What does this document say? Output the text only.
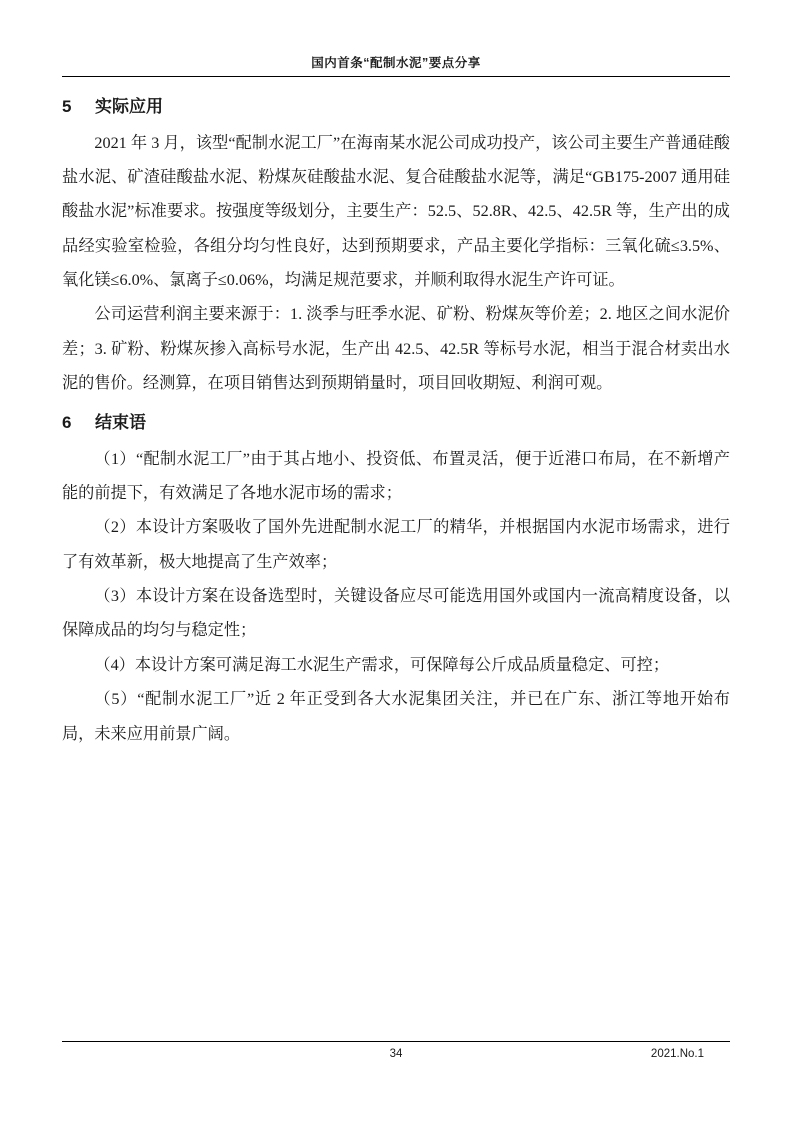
国内首条“配制水泥”要点分享
5 实际应用

2021 年 3 月，该型“配制水泥工厂”在海南某水泥公司成功投产，该公司主要生产普通硅酸盐水泥、矿渣硅酸盐水泥、粉煤灰硅酸盐水泥、复合硅酸盐水泥等，满足“GB175-2007 通用硅酸盐水泥”标准要求。按强度等级划分，主要生产：52.5、52.8R、42.5、42.5R 等，生产出的成品经实验室检验，各组分均匀性良好，达到预期要求，产品主要化学指标：三氧化硫≤3.5%、氧化镁≤6.0%、氯离子≤0.06%，均满足规范要求，并顺利取得水泥生产许可证。

公司运营利润主要来源于：1. 淡季与旺季水泥、矿粉、粉煤灰等价差；2. 地区之间水泥价差；3. 矿粉、粉煤灰掺入高标号水泥，生产出 42.5、42.5R 等标号水泥，相当于混合材卖出水泥的售价。经测算，在项目销售达到预期销量时，项目回收期短、利润可观。

6 结束语

（1）“配制水泥工厂”由于其占地小、投资低、布置灵活，便于近港口布局，在不新增产能的前提下，有效满足了各地水泥市场的需求；

（2）本设计方案吸收了国外先进配制水泥工厂的精华，并根据国内水泥市场需求，进行了有效革新，极大地提高了生产效率；

（3）本设计方案在设备选型时，关键设备应尽可能选用国外或国内一流高精度设备，以保障成品的均匀与稳定性；

（4）本设计方案可满足海工水泥生产需求，可保障每公斤成品质量稳定、可控；

（5）“配制水泥工厂”近 2 年正受到各大水泥集团关注，并已在广东、浙江等地开始布局，未来应用前景广阔。

34	2021.No.1
